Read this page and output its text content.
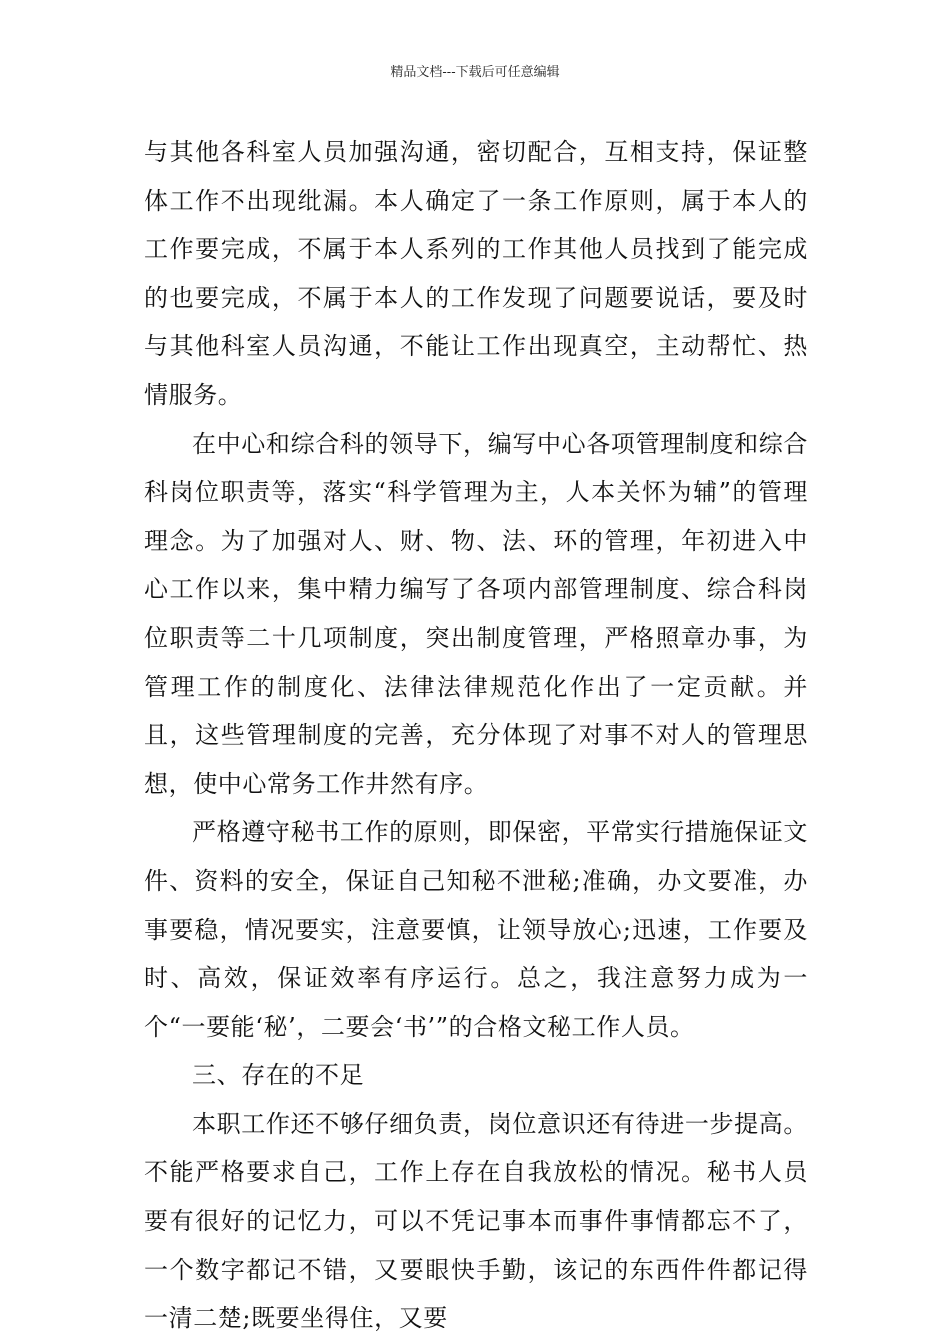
精品文档---下载后可任意编辑

与其他各科室人员加强沟通，密切配合，互相支持，保证整体工作不出现纰漏。本人确定了一条工作原则，属于本人的工作要完成，不属于本人系列的工作其他人员找到了能完成的也要完成，不属于本人的工作发现了问题要说话，要及时与其他科室人员沟通，不能让工作出现真空，主动帮忙、热情服务。

在中心和综合科的领导下，编写中心各项管理制度和综合科岗位职责等，落实“科学管理为主，人本关怀为辅”的管理理念。为了加强对人、财、物、法、环的管理，年初进入中心工作以来，集中精力编写了各项内部管理制度、综合科岗位职责等二十几项制度，突出制度管理，严格照章办事，为管理工作的制度化、法律法律规范化作出了一定贡献。并且，这些管理制度的完善，充分体现了对事不对人的管理思想，使中心常务工作井然有序。

严格遵守秘书工作的原则，即保密，平常实行措施保证文件、资料的安全，保证自己知秘不泄秘;准确，办文要准，办事要稳，情况要实，注意要慎，让领导放心;迅速，工作要及时、高效，保证效率有序运行。总之，我注意努力成为一个“一要能‘秘’，二要会‘书’”的合格文秘工作人员。

三、存在的不足

本职工作还不够仔细负责，岗位意识还有待进一步提高。不能严格要求自己，工作上存在自我放松的情况。秘书人员要有很好的记忆力，可以不凭记事本而事件事情都忘不了，一个数字都记不错，又要眼快手勤，该记的东西件件都记得一清二楚;既要坐得住，又要
